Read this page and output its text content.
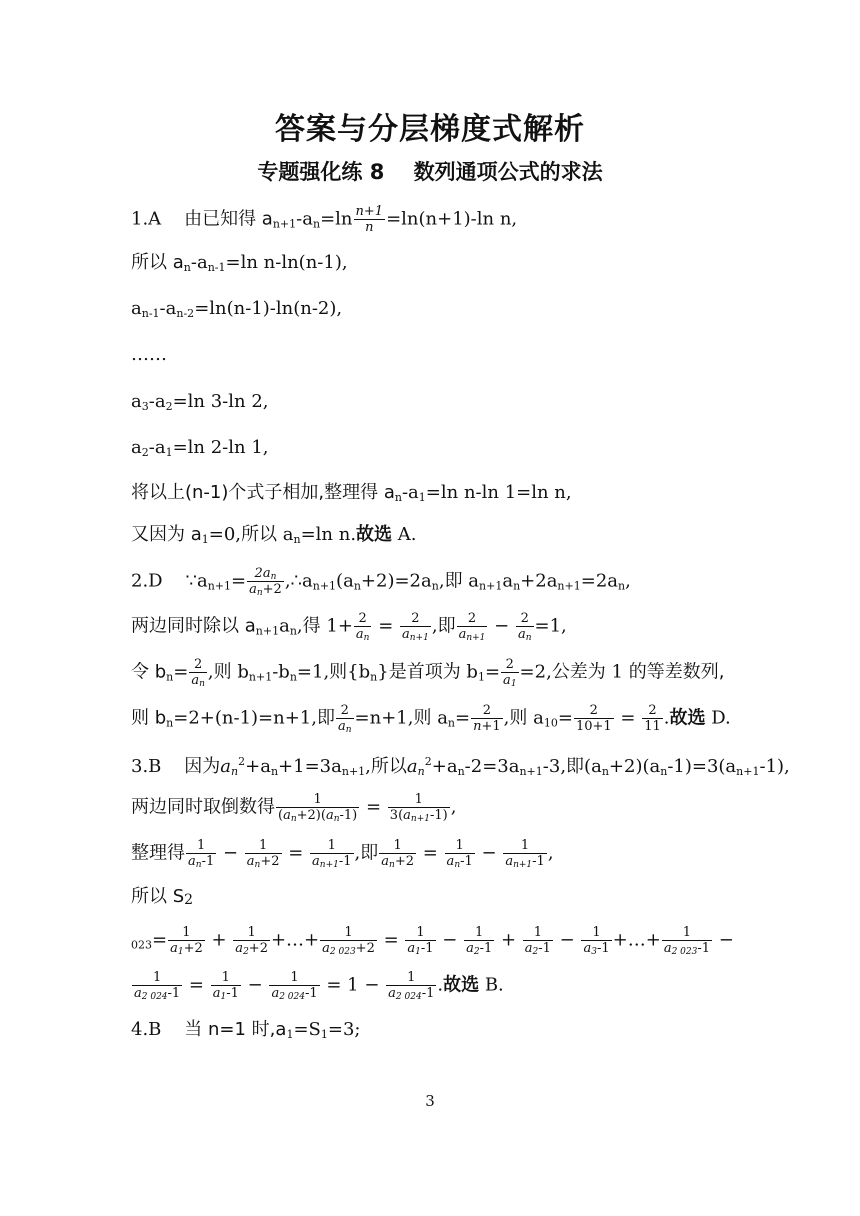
答案与分层梯度式解析
专题强化练 8    数列通项公式的求法
1.A 由已知得 $a_{n+1}-a_n=\ln \frac{n+1}{n} =\ln(n+1)-\ln$ n,
所以 $a_n-a_{n-1}=\ln$ n-ln(n-1),
$a_{n-1}-a_{n-2}=\ln(n-1)-\ln(n-2)$,
……
$a_3-a_2=\ln$ 3-ln 2,
$a_2-a_1=\ln$ 2-ln 1,
将以上(n-1)个式子相加,整理得 $a_n-a_1=\ln$ n-ln 1=ln n,
又因为 $a_1=0$,所以 $a_n=\ln$ n.故选 A.
2.D    $\because a_{n+1}= \frac{2a_n}{a_n+2}$ $,\therefore a_{n+1}(a_n+2)=2a_n$,即 $a_{n+1}a_n+2a_{n+1}=2a_n$,
两边同时除以 $a_{n+1}a_n$,得 $1+ \frac{2}{a_n} = \frac{2}{a_{n+1}}$ ,即 $\frac{2}{a_{n+1}} - \frac{2}{a_n} =1$,
令 $b_n= \frac{2}{a_n}$ ,则 $b_{n+1}-b_n=1$,则$\{b_n\}$是首项为 $b_1= \frac{2}{a_1} =2$,公差为 1 的等差数列,
则 $b_n=2+(n-1)=n+1$,即 $\frac{2}{a_n} =n+1$,则 $a_n= \frac{2}{n+1}$ ,则 $a_{10}= \frac{2}{10+1} = \frac{2}{11}$ .故选 D.
3.B 因为$a_n^2+a_n+1=3a_{n+1}$,所以$a_n^2+a_n-2=3a_{n+1}-3$,即$(a_n+2)(a_n-1)=3(a_{n+1}-1)$,
两边同时取倒数得 $\frac{1}{(a_n+2)(a_n-1)} = \frac{1}{3(a_{n+1}-1)}$ ,
整理得 $\frac{1}{a_n-1} - \frac{1}{a_n+2} = \frac{1}{a_{n+1}-1}$ ,即 $\frac{1}{a_n+2} = \frac{1}{a_n-1} - \frac{1}{a_{n+1}-1}$ ,
所以 $S_2$
$_{023}= \frac{1}{a_1+2} + \frac{1}{a_2+2}$ +…+ $\frac{1}{a_{2 023}+2} = \frac{1}{a_1-1} - \frac{1}{a_2-1} + \frac{1}{a_2-1} - \frac{1}{a_3-1}$ +…+ $\frac{1}{a_{2 023}-1}$ −
$\frac{1}{a_{2 024}-1} = \frac{1}{a_1-1} - \frac{1}{a_{2 024}-1} = 1 - \frac{1}{a_{2 024}-1}$ .故选 B.
4.B 当 n=1 时$,a_1=S_1=3$;
3
